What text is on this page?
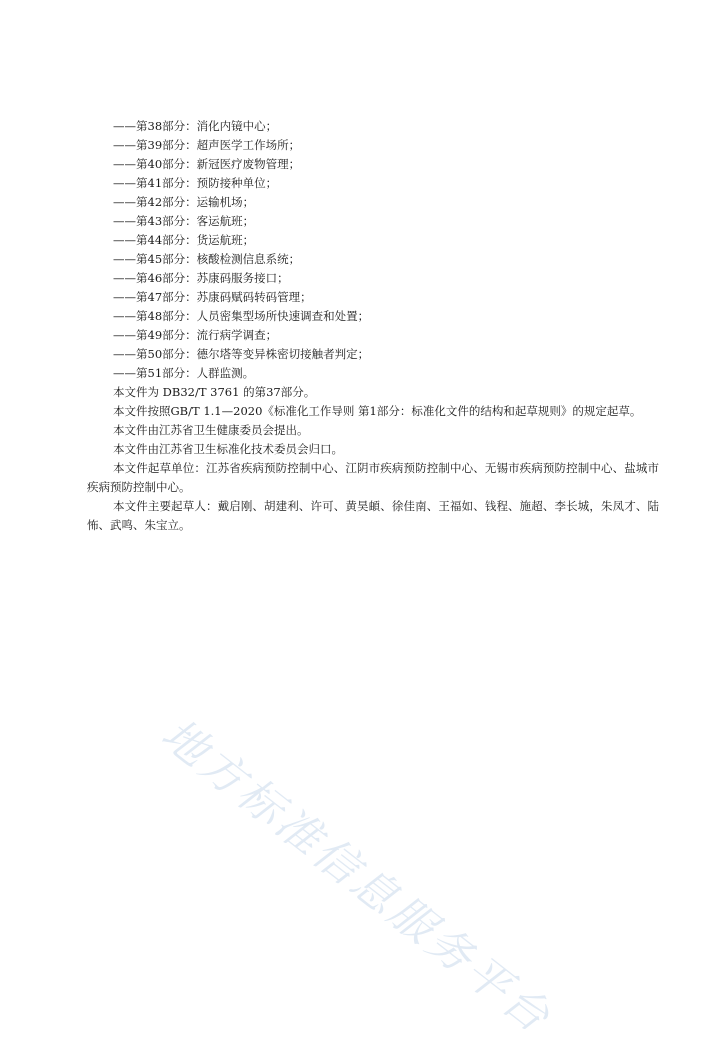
——第38部分：消化内镜中心；
——第39部分：超声医学工作场所；
——第40部分：新冠医疗废物管理；
——第41部分：预防接种单位；
——第42部分：运输机场；
——第43部分：客运航班；
——第44部分：货运航班；
——第45部分：核酸检测信息系统；
——第46部分：苏康码服务接口；
——第47部分：苏康码赋码转码管理；
——第48部分：人员密集型场所快速调查和处置；
——第49部分：流行病学调查；
——第50部分：德尔塔等变异株密切接触者判定；
——第51部分：人群监测。
本文件为 DB32/T 3761 的第37部分。
本文件按照GB/T 1.1—2020《标准化工作导则 第1部分：标准化文件的结构和起草规则》的规定起草。
本文件由江苏省卫生健康委员会提出。
本文件由江苏省卫生标准化技术委员会归口。
本文件起草单位：江苏省疾病预防控制中心、江阴市疾病预防控制中心、无锡市疾病预防控制中心、盐城市疾病预防控制中心。
本文件主要起草人：戴启刚、胡建利、许可、黄昊頔、徐佳南、王福如、钱程、施超、李长城，朱凤才、陆怖、武鸣、朱宝立。
地方标准信息服务平台
